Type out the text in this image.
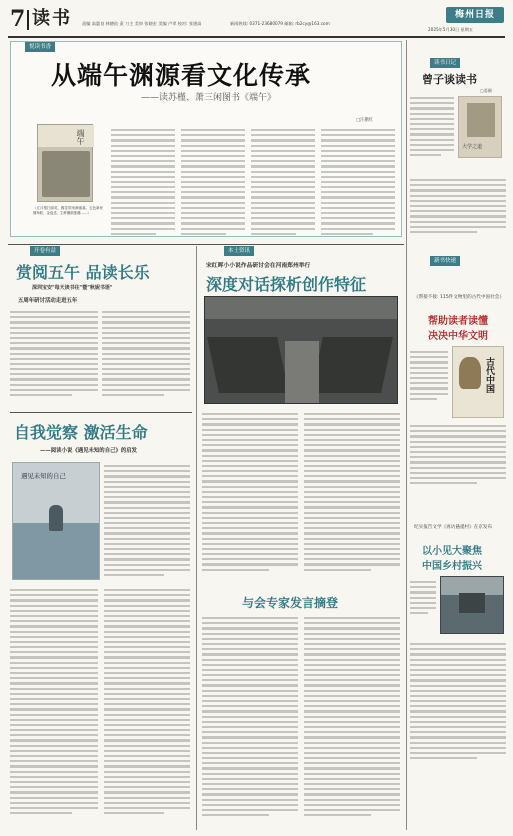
7 读书 责编 高惠良 林德佑 责 刀主 美审 张晓宏 美编 卢翠 校对: 张建高	新闻热线: 0371-23680079 邮箱: rb2cy@163.com
梅州日报
2025年5月30日 星期五
悦读书香
从端午渊源看文化传承
——读苏槿、萧三闲图书《端午》
□汪鹏红
端午
《五月根扫绿英，榴花带雨满童嘉。五色新丝缠角粽，金盘送，生鲜蘸菌莲藕……》
读书日记
曾子谈读书
□姜珊
大学之道
新书快递
《帮接不接: 115件文物里的古代中国社会》
帮助读者读懂
决决中华文明
古代中国
纪实报告文学《再访悬提村》在京发布
以小见大聚焦
中国乡村振兴
开卷有益
赏阅五午 品读长乐
深圳宝安"每天读书往"暨"秋妮书语"
五周年研讨活动走进五年
自我觉察 激活生命
——阅读小说《遇见未知的自己》的启发
遇见未知的自己
本土资讯
宋红晖小小说作品研讨会在河南郑州举行
深度对话探析创作特征
与会专家发言摘登
